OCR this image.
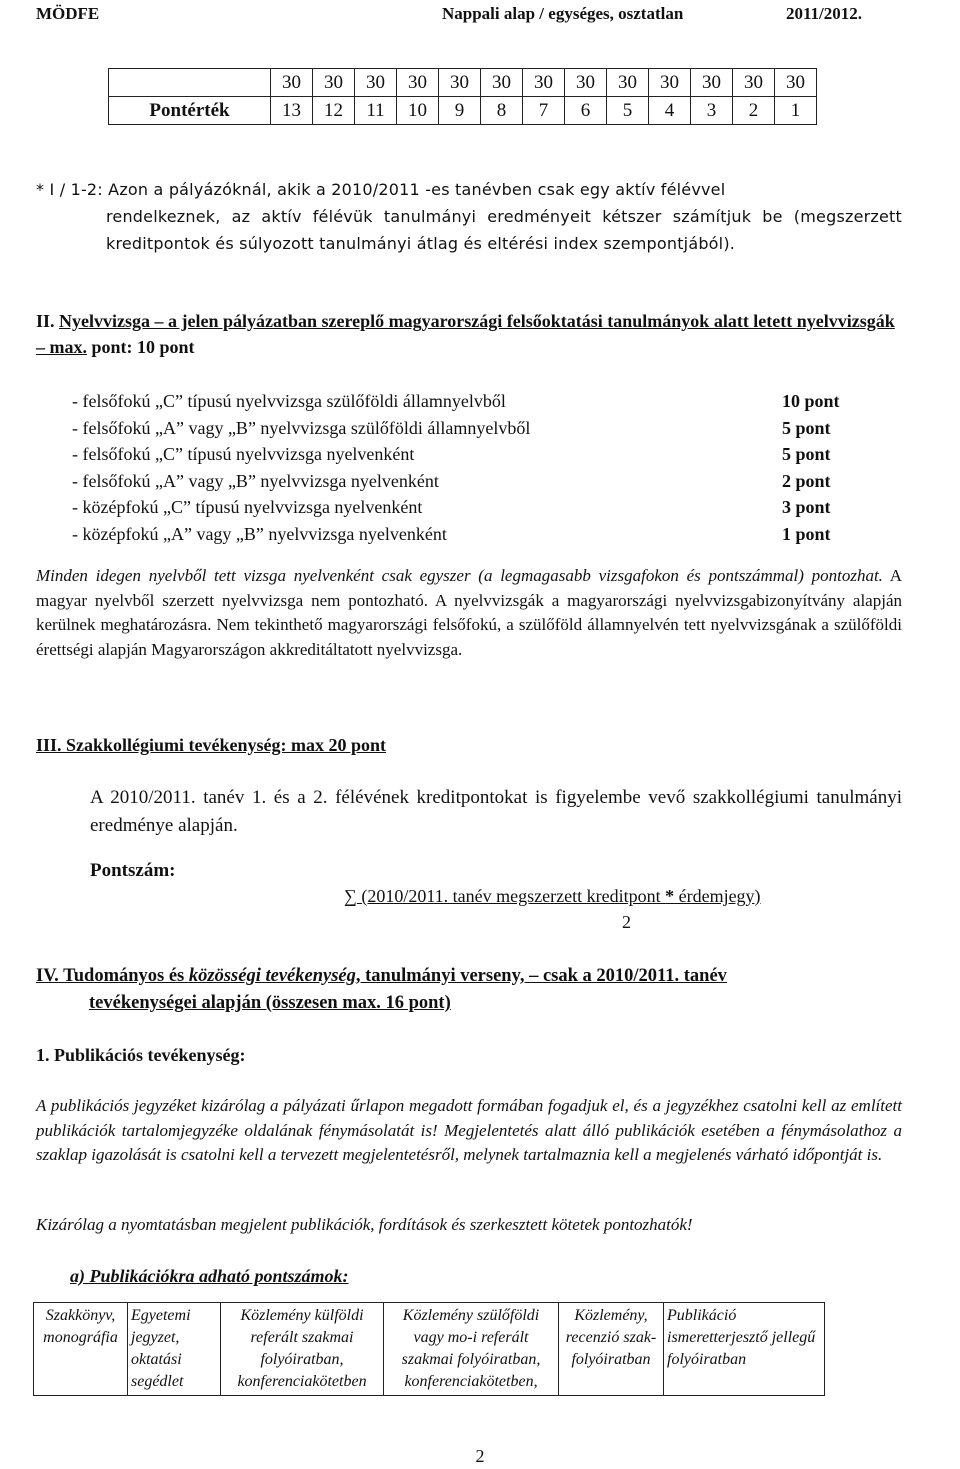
MÖDFE	Nappali alap / egységes, osztatlan	2011/2012.
	30	30	30	30	30	30	30	30	30	30	30	30	30
Pontérték	13	12	11	10	9	8	7	6	5	4	3	2	1
* I / 1-2: Azon a pályázóknál, akik a 2010/2011 -es tanévben csak egy aktív félévvel
rendelkeznek, az aktív félévük tanulmányi eredményeit kétszer számítjuk be (megszerzett kreditpontok és súlyozott tanulmányi átlag és eltérési index szempontjából).
II. Nyelvvizsga – a jelen pályázatban szereplő magyarországi felsőoktatási tanulmányok alatt letett nyelvvizsgák – max. pont: 10 pont
- felsőfokú „C” típusú nyelvvizsga szülőföldi államnyelvből	10 pont
- felsőfokú „A” vagy „B” nyelvvizsga szülőföldi államnyelvből	5 pont
- felsőfokú „C” típusú nyelvvizsga nyelvenként	5 pont
- felsőfokú „A” vagy „B” nyelvvizsga nyelvenként	2 pont
- középfokú „C” típusú nyelvvizsga nyelvenként	3 pont
- középfokú „A” vagy „B” nyelvvizsga nyelvenként	1 pont
Minden idegen nyelvből tett vizsga nyelvenként csak egyszer (a legmagasabb vizsgafokon és pontszámmal) pontozhat. A magyar nyelvből szerzett nyelvvizsga nem pontozható. A nyelvvizsgák a magyarországi nyelvvizsgabizonyítvány alapján kerülnek meghatározásra. Nem tekinthető magyarországi felsőfokú, a szülőföld államnyelvén tett nyelvvizsgának a szülőföldi érettségi alapján Magyarországon akkreditáltatott nyelvvizsga.
III. Szakkollégiumi tevékenység: max 20 pont
A 2010/2011. tanév 1. és a 2. félévének kreditpontokat is figyelembe vevő szakkollégiumi tanulmányi eredménye alapján.
Pontszám:
∑ (2010/2011. tanév megszerzett kreditpont * érdemjegy)
2
IV. Tudományos és közösségi tevékenység, tanulmányi verseny, – csak a 2010/2011. tanév
tevékenységei alapján (összesen max. 16 pont)
1. Publikációs tevékenység:
A publikációs jegyzéket kizárólag a pályázati űrlapon megadott formában fogadjuk el, és a jegyzékhez csatolni kell az említett publikációk tartalomjegyzéke oldalának fénymásolatát is! Megjelentetés alatt álló publikációk esetében a fénymásolathoz a szaklap igazolását is csatolni kell a tervezett megjelentetésről, melynek tartalmaznia kell a megjelenés várható időpontját is.
Kizárólag a nyomtatásban megjelent publikációk, fordítások és szerkesztett kötetek pontozhatók!
a) Publikációkra adható pontszámok:
Szakkönyv, monográfia	Egyetemi jegyzet, oktatási segédlet	Közlemény külföldi referált szakmai folyóiratban, konferenciakötetben	Közlemény szülőföldi vagy mo-i referált szakmai folyóiratban, konferenciakötetben,	Közlemény, recenzió szak-folyóiratban	Publikáció ismeretterjesztő jellegű folyóiratban
2
